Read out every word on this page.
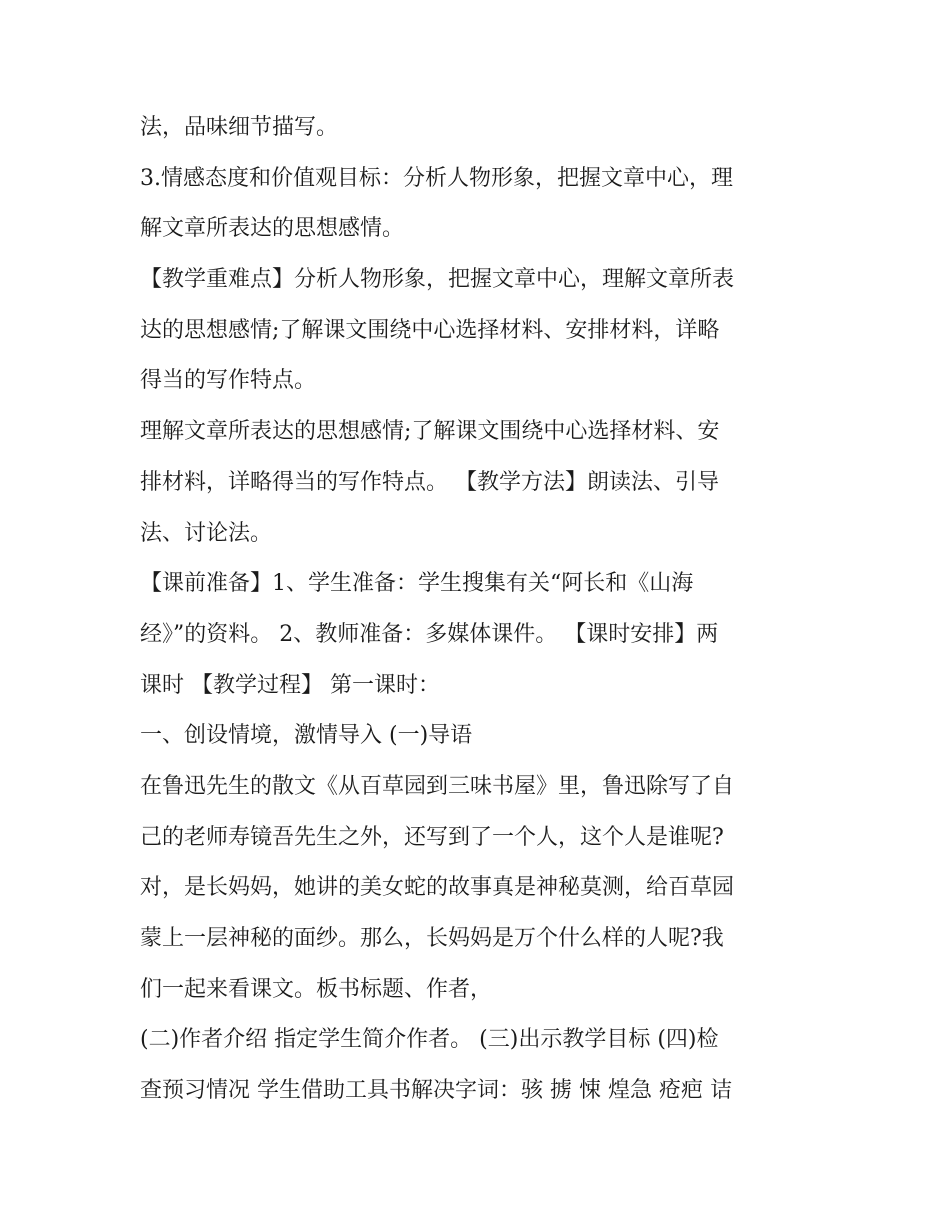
法，品味细节描写。
3.情感态度和价值观目标：分析人物形象，把握文章中心，理
解文章所表达的思想感情。
【教学重难点】分析人物形象，把握文章中心，理解文章所表
达的思想感情;了解课文围绕中心选择材料、安排材料，详略
得当的写作特点。
理解文章所表达的思想感情;了解课文围绕中心选择材料、安
排材料，详略得当的写作特点。 【教学方法】朗读法、引导
法、讨论法。
【课前准备】1、学生准备：学生搜集有关“阿长和《山海
经》”的资料。 2、教师准备：多媒体课件。 【课时安排】两
课时 【教学过程】 第一课时：
一、创设情境，激情导入 (一)导语
在鲁迅先生的散文《从百草园到三味书屋》里，鲁迅除写了自
己的老师寿镜吾先生之外，还写到了一个人，这个人是谁呢?
对，是长妈妈，她讲的美女蛇的故事真是神秘莫测，给百草园
蒙上一层神秘的面纱。那么，长妈妈是万个什么样的人呢?我
们一起来看课文。板书标题、作者，
(二)作者介绍 指定学生简介作者。 (三)出示教学目标 (四)检
查预习情况 学生借助工具书解决字词：骇 掳 悚 煌急 疮疤 诘
